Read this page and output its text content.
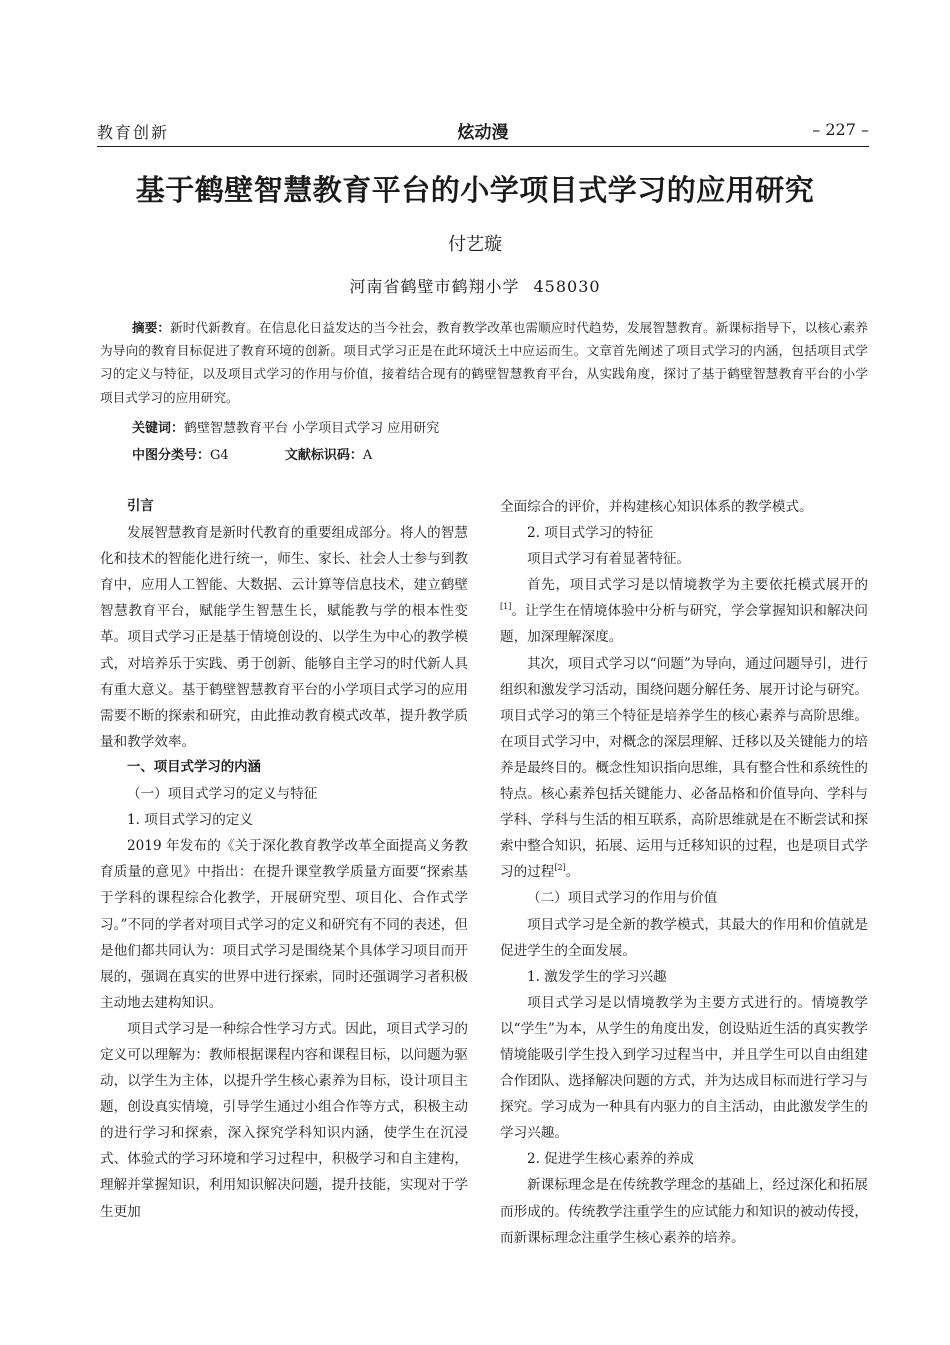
教育创新	炫动漫	– 227 –
基于鹤壁智慧教育平台的小学项目式学习的应用研究
付艺璇
河南省鹤壁市鹤翔小学 458030

摘要：新时代新教育。在信息化日益发达的当今社会，教育教学改革也需顺应时代趋势，发展智慧教育。新课标指导下，以核心素养为导向的教育目标促进了教育环境的创新。项目式学习正是在此环境沃土中应运而生。文章首先阐述了项目式学习的内涵，包括项目式学习的定义与特征，以及项目式学习的作用与价值，接着结合现有的鹤壁智慧教育平台，从实践角度，探讨了基于鹤壁智慧教育平台的小学项目式学习的应用研究。

关键词：鹤壁智慧教育平台 小学项目式学习 应用研究
中图分类号：G4	文献标识码：A

引言

发展智慧教育是新时代教育的重要组成部分。将人的智慧化和技术的智能化进行统一，师生、家长、社会人士参与到教育中，应用人工智能、大数据、云计算等信息技术，建立鹤壁智慧教育平台，赋能学生智慧生长，赋能教与学的根本性变革。项目式学习正是基于情境创设的、以学生为中心的教学模式，对培养乐于实践、勇于创新、能够自主学习的时代新人具有重大意义。基于鹤壁智慧教育平台的小学项目式学习的应用需要不断的探索和研究，由此推动教育模式改革，提升教学质量和教学效率。

一、项目式学习的内涵

（一）项目式学习的定义与特征

1. 项目式学习的定义

2019 年发布的《关于深化教育教学改革全面提高义务教育质量的意见》中指出：在提升课堂教学质量方面要“探索基于学科的课程综合化教学，开展研究型、项目化、合作式学习。”不同的学者对项目式学习的定义和研究有不同的表述，但是他们都共同认为：项目式学习是围绕某个具体学习项目而开展的，强调在真实的世界中进行探索，同时还强调学习者积极主动地去建构知识。

项目式学习是一种综合性学习方式。因此，项目式学习的定义可以理解为：教师根据课程内容和课程目标，以问题为驱动，以学生为主体，以提升学生核心素养为目标，设计项目主题，创设真实情境，引导学生通过小组合作等方式，积极主动的进行学习和探索，深入探究学科知识内涵，使学生在沉浸式、体验式的学习环境和学习过程中，积极学习和自主建构，理解并掌握知识，利用知识解决问题，提升技能，实现对于学生更加

全面综合的评价，并构建核心知识体系的教学模式。

2. 项目式学习的特征

项目式学习有着显著特征。

首先，项目式学习是以情境教学为主要依托模式展开的[1]。让学生在情境体验中分析与研究，学会掌握知识和解决问题，加深理解深度。

其次，项目式学习以“问题”为导向，通过问题导引，进行组织和激发学习活动，围绕问题分解任务、展开讨论与研究。项目式学习的第三个特征是培养学生的核心素养与高阶思维。在项目式学习中，对概念的深层理解、迁移以及关键能力的培养是最终目的。概念性知识指向思维，具有整合性和系统性的特点。核心素养包括关键能力、必备品格和价值导向、学科与学科、学科与生活的相互联系，高阶思维就是在不断尝试和探索中整合知识，拓展、运用与迁移知识的过程，也是项目式学习的过程[2]。

（二）项目式学习的作用与价值

项目式学习是全新的教学模式，其最大的作用和价值就是促进学生的全面发展。

1. 激发学生的学习兴趣

项目式学习是以情境教学为主要方式进行的。情境教学以“学生”为本，从学生的角度出发，创设贴近生活的真实教学情境能吸引学生投入到学习过程当中，并且学生可以自由组建合作团队、选择解决问题的方式，并为达成目标而进行学习与探究。学习成为一种具有内驱力的自主活动，由此激发学生的学习兴趣。

2. 促进学生核心素养的养成

新课标理念是在传统教学理念的基础上，经过深化和拓展而形成的。传统教学注重学生的应试能力和知识的被动传授，而新课标理念注重学生核心素养的培养。
